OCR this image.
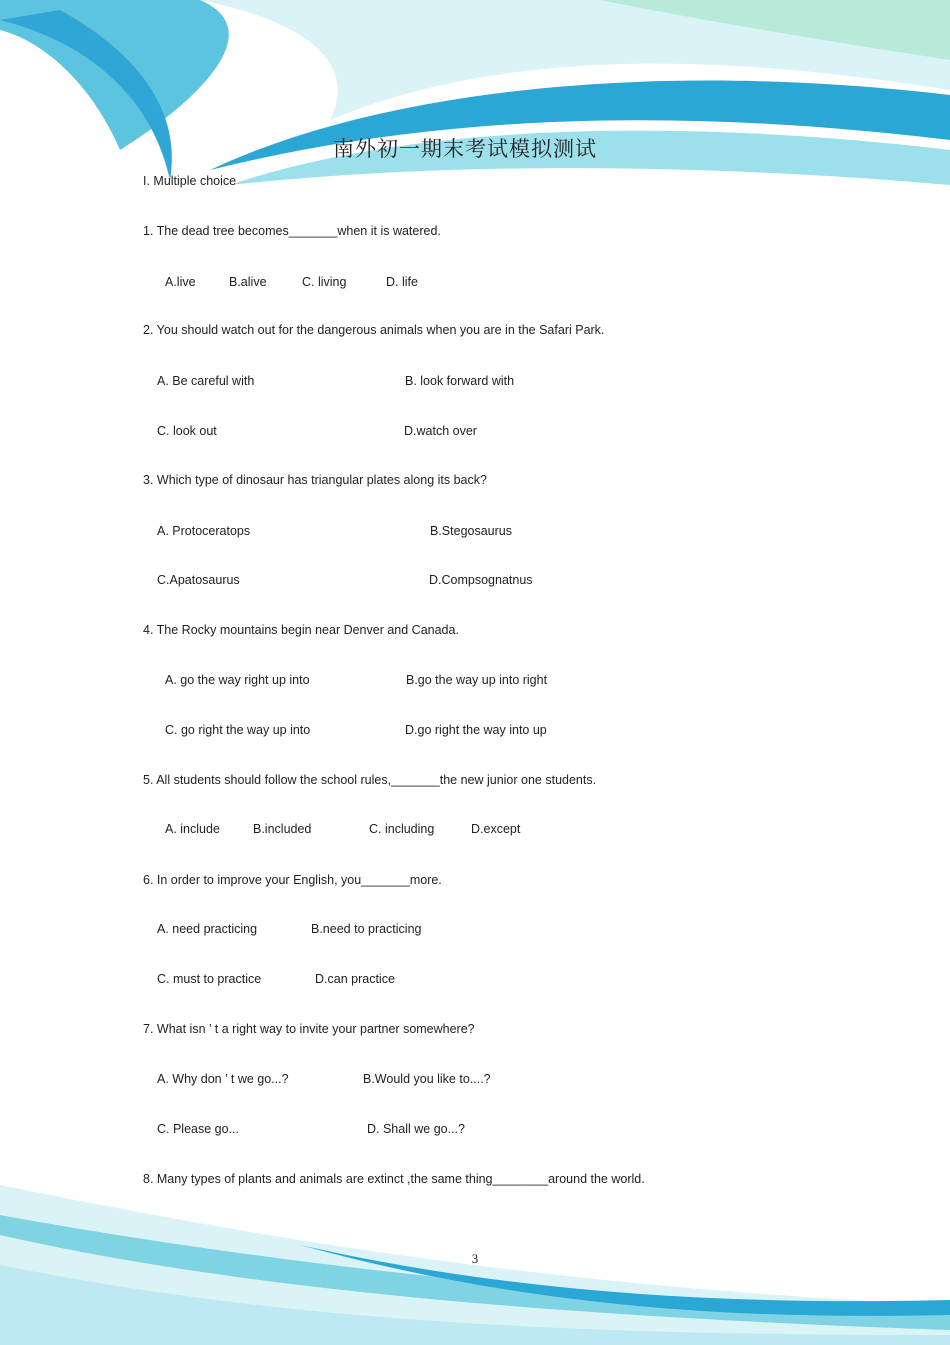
南外初一期末考试模拟测试
I. Multiple choice
1. The dead tree becomes_______when it is watered.
A.live	B.alive	C. living	D. life
2. You should watch out for the dangerous animals when you are in the Safari Park.
A. Be careful with	B. look forward with
C. look out	D.watch over
3. Which type of dinosaur has triangular plates along its back?
A. Protoceratops	B.Stegosaurus
C.Apatosaurus	D.Compsognatnus
4. The Rocky mountains begin near Denver and Canada.
A. go the way right up into	B.go the way up into right
C. go right the way up into	D.go right the way into up
5. All students should follow the school rules,_______the new junior one students.
A. include	B.included	C. including	D.except
6. In order to improve your English, you_______more.
A. need practicing	B.need to practicing
C. must to practice	D.can practice
7. What isn ’ t a right way to invite your partner somewhere?
A. Why don ’ t we go...?	B.Would you like to....?
C. Please go...	D. Shall we go...?
8. Many types of plants and animals are extinct ,the same thing________around the world.
3
